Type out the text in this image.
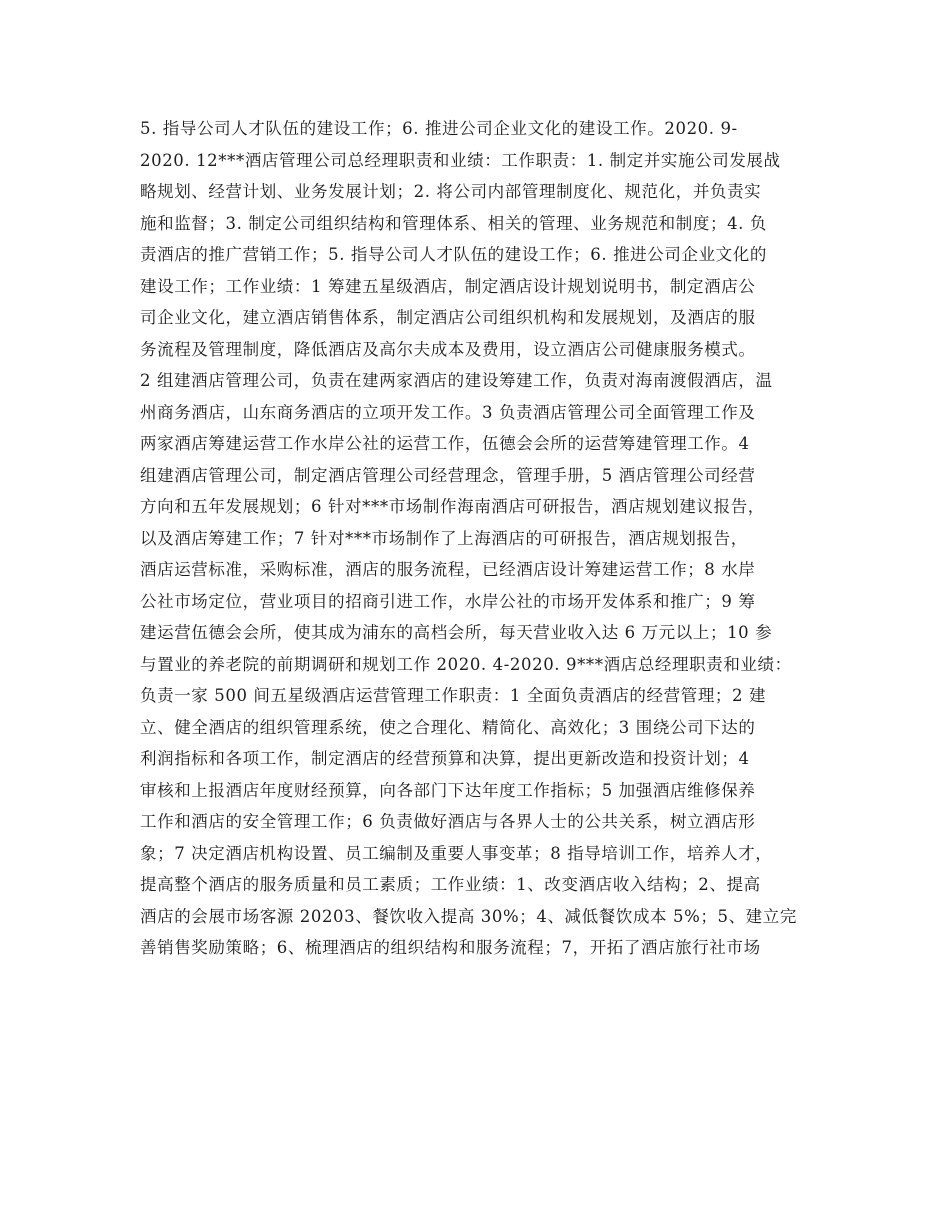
5. 指导公司人才队伍的建设工作；6. 推进公司企业文化的建设工作。2020. 9-
2020. 12***酒店管理公司总经理职责和业绩：工作职责：1. 制定并实施公司发展战
略规划、经营计划、业务发展计划；2. 将公司内部管理制度化、规范化，并负责实
施和监督；3. 制定公司组织结构和管理体系、相关的管理、业务规范和制度；4. 负
责酒店的推广营销工作；5. 指导公司人才队伍的建设工作；6. 推进公司企业文化的
建设工作；工作业绩：1 筹建五星级酒店，制定酒店设计规划说明书，制定酒店公
司企业文化，建立酒店销售体系，制定酒店公司组织机构和发展规划，及酒店的服
务流程及管理制度，降低酒店及高尔夫成本及费用，设立酒店公司健康服务模式。
2 组建酒店管理公司，负责在建两家酒店的建设筹建工作，负责对海南渡假酒店，温
州商务酒店，山东商务酒店的立项开发工作。3 负责酒店管理公司全面管理工作及
两家酒店筹建运营工作水岸公社的运营工作，伍德会会所的运营筹建管理工作。4
组建酒店管理公司，制定酒店管理公司经营理念，管理手册，5 酒店管理公司经营
方向和五年发展规划；6 针对***市场制作海南酒店可研报告，酒店规划建议报告，
以及酒店筹建工作；7 针对***市场制作了上海酒店的可研报告，酒店规划报告，
酒店运营标准，采购标准，酒店的服务流程，已经酒店设计筹建运营工作；8 水岸
公社市场定位，营业项目的招商引进工作，水岸公社的市场开发体系和推广；9 筹
建运营伍德会会所，使其成为浦东的高档会所，每天营业收入达 6 万元以上；10 参
与置业的养老院的前期调研和规划工作 2020. 4-2020. 9***酒店总经理职责和业绩：
负责一家 500 间五星级酒店运营管理工作职责：1 全面负责酒店的经营管理；2 建
立、健全酒店的组织管理系统，使之合理化、精简化、高效化；3 围绕公司下达的
利润指标和各项工作，制定酒店的经营预算和决算，提出更新改造和投资计划；4
审核和上报酒店年度财经预算，向各部门下达年度工作指标；5 加强酒店维修保养
工作和酒店的安全管理工作；6 负责做好酒店与各界人士的公共关系，树立酒店形
象；7 决定酒店机构设置、员工编制及重要人事变革；8 指导培训工作，培养人才，
提高整个酒店的服务质量和员工素质；工作业绩：1、改变酒店收入结构；2、提高
酒店的会展市场客源 20203、餐饮收入提高 30%；4、减低餐饮成本 5%；5、建立完
善销售奖励策略；6、梳理酒店的组织结构和服务流程；7，开拓了酒店旅行社市场
